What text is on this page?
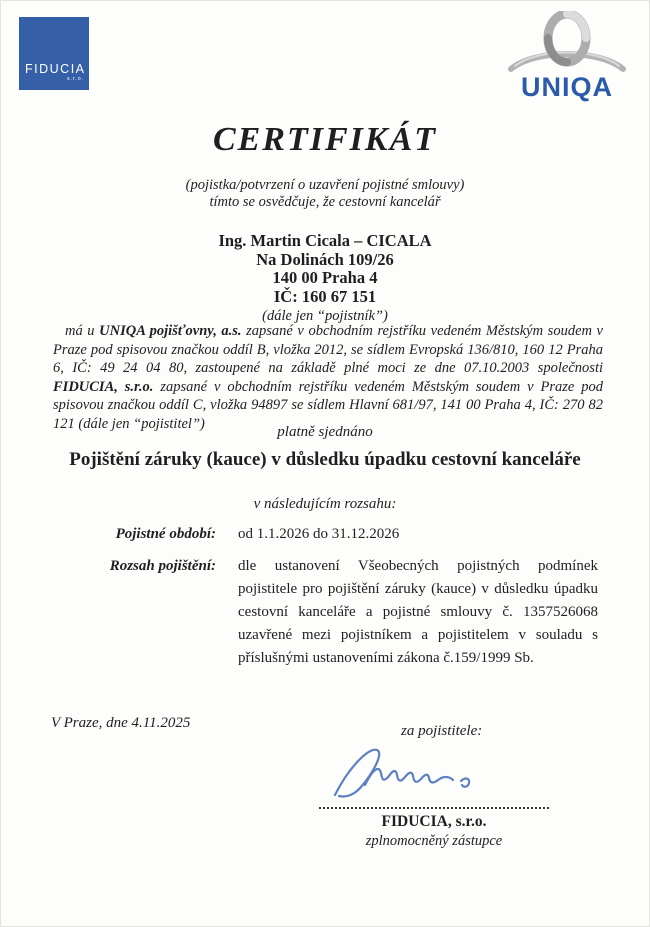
FIDUCIA
s.r.o.	UNIQA
CERTIFIKÁT
(pojistka/potvrzení o uzavření pojistné smlouvy)
tímto se osvědčuje, že cestovní kancelář
Ing. Martin Cicala – CICALA
Na Dolinách 109/26
140 00 Praha 4
IČ: 160 67 151
(dále jen “pojistník”)

má u UNIQA pojišťovny, a.s. zapsané v obchodním rejstříku vedeném Městským soudem v Praze pod spisovou značkou oddíl B, vložka 2012, se sídlem Evropská 136/810, 160 12 Praha 6, IČ: 49 24 04 80, zastoupené na základě plné moci ze dne 07.10.2003 společnosti FIDUCIA, s.r.o. zapsané v obchodním rejstříku vedeném Městským soudem v Praze pod spisovou značkou oddíl C, vložka 94897 se sídlem Hlavní 681/97, 141 00 Praha 4, IČ: 270 82 121 (dále jen “pojistitel”)

platně sjednáno
Pojištění záruky (kauce) v důsledku úpadku cestovní kanceláře
v následujícím rozsahu:
Pojistné období: od 1.1.2026 do 31.12.2026
Rozsah pojištění: dle ustanovení Všeobecných pojistných podmínek pojistitele pro pojištění záruky (kauce) v důsledku úpadku cestovní kanceláře a pojistné smlouvy č. 1357526068 uzavřené mezi pojistníkem a pojistitelem v souladu s příslušnými ustanoveními zákona č.159/1999 Sb.
V Praze, dne 4.11.2025	za pojistitele:
FIDUCIA, s.r.o.
zplnomocněný zástupce
